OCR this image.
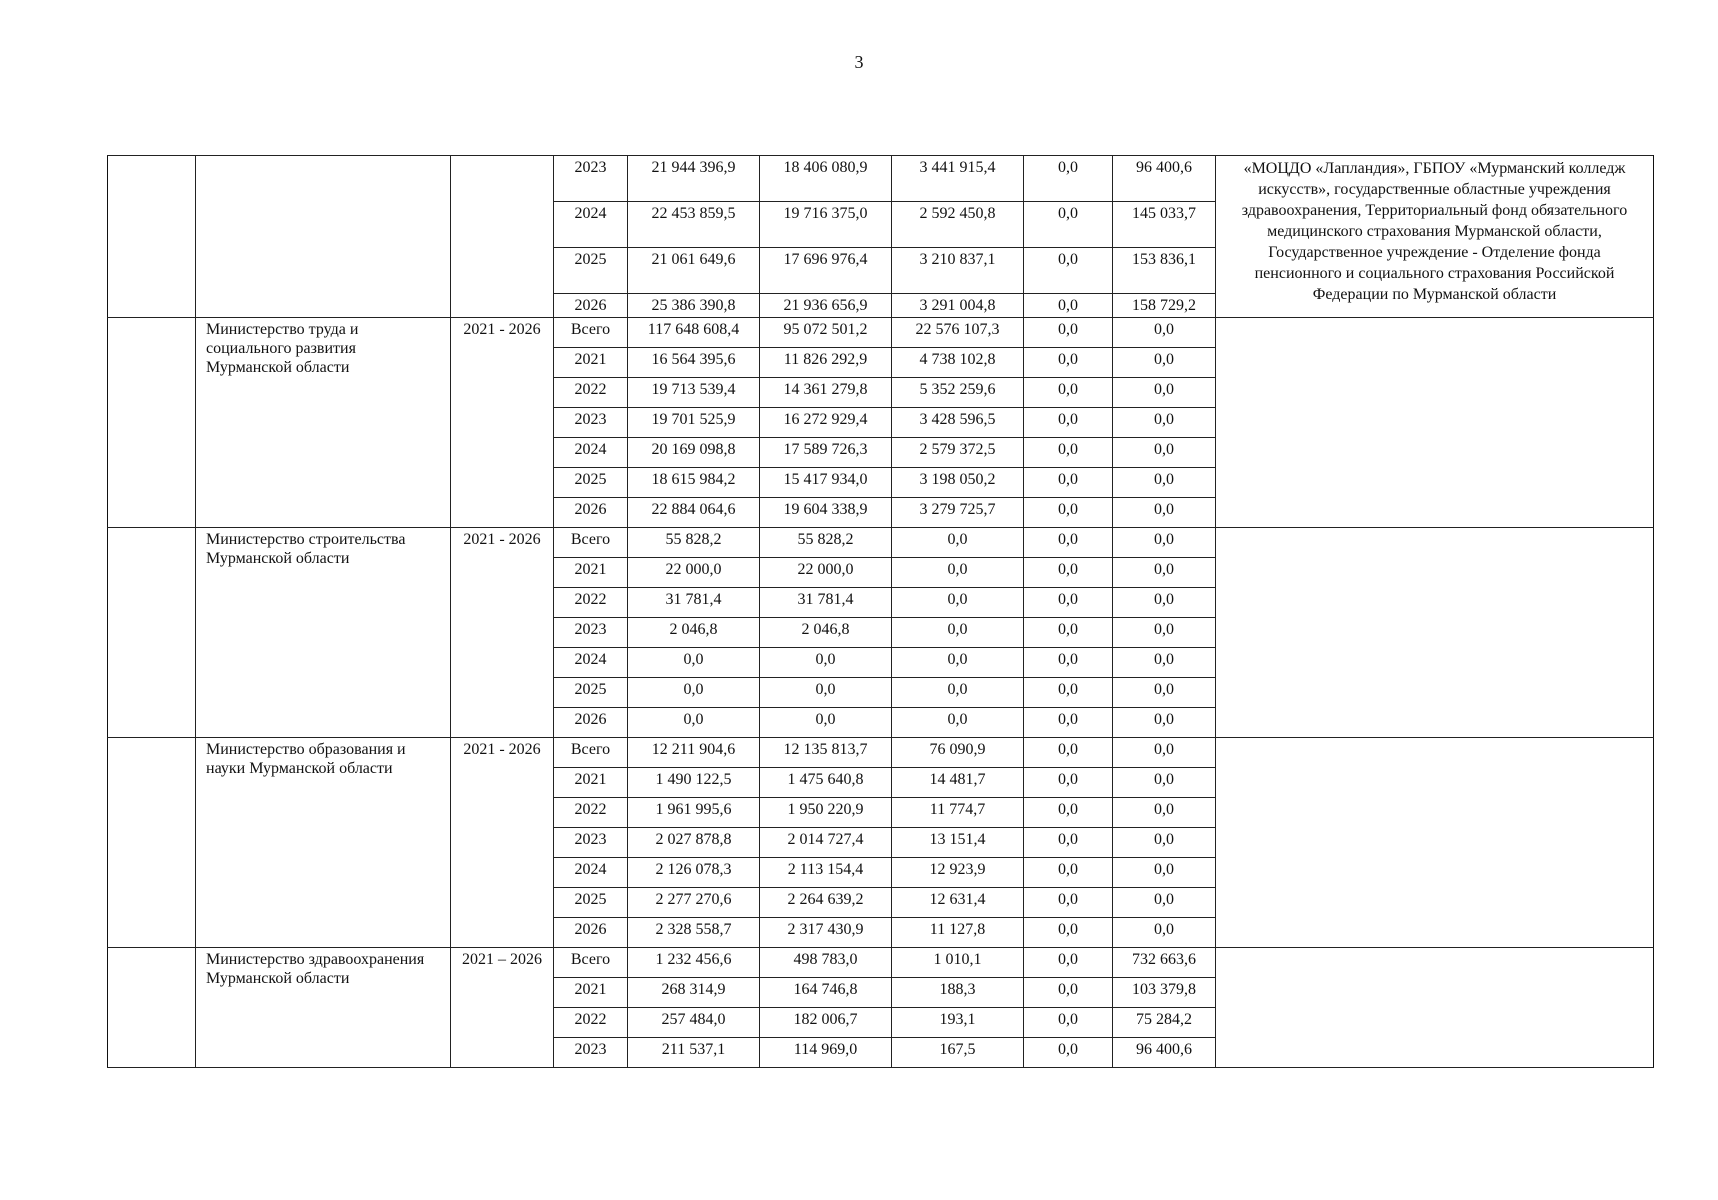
3
			2023	21 944 396,9	18 406 080,9	3 441 915,4	0,0	96 400,6	«МОЦДО «Лапландия», ГБПОУ «Мурманский колледж искусств», государственные областные учреждения здравоохранения, Территориальный фонд обязательного медицинского страхования Мурманской области, Государственное учреждение - Отделение фонда пенсионного и социального страхования Российской Федерации по Мурманской области
			2024	22 453 859,5	19 716 375,0	2 592 450,8	0,0	145 033,7	
			2025	21 061 649,6	17 696 976,4	3 210 837,1	0,0	153 836,1	
			2026	25 386 390,8	21 936 656,9	3 291 004,8	0,0	158 729,2	
	Министерство труда и социального развития Мурманской области	2021 - 2026	Всего	117 648 608,4	95 072 501,2	22 576 107,3	0,0	0,0	
			2021	16 564 395,6	11 826 292,9	4 738 102,8	0,0	0,0	
			2022	19 713 539,4	14 361 279,8	5 352 259,6	0,0	0,0	
			2023	19 701 525,9	16 272 929,4	3 428 596,5	0,0	0,0	
			2024	20 169 098,8	17 589 726,3	2 579 372,5	0,0	0,0	
			2025	18 615 984,2	15 417 934,0	3 198 050,2	0,0	0,0	
			2026	22 884 064,6	19 604 338,9	3 279 725,7	0,0	0,0	
	Министерство строительства Мурманской области	2021 - 2026	Всего	55 828,2	55 828,2	0,0	0,0	0,0	
			2021	22 000,0	22 000,0	0,0	0,0	0,0	
			2022	31 781,4	31 781,4	0,0	0,0	0,0	
			2023	2 046,8	2 046,8	0,0	0,0	0,0	
			2024	0,0	0,0	0,0	0,0	0,0	
			2025	0,0	0,0	0,0	0,0	0,0	
			2026	0,0	0,0	0,0	0,0	0,0	
	Министерство образования и науки Мурманской области	2021 - 2026	Всего	12 211 904,6	12 135 813,7	76 090,9	0,0	0,0	
			2021	1 490 122,5	1 475 640,8	14 481,7	0,0	0,0	
			2022	1 961 995,6	1 950 220,9	11 774,7	0,0	0,0	
			2023	2 027 878,8	2 014 727,4	13 151,4	0,0	0,0	
			2024	2 126 078,3	2 113 154,4	12 923,9	0,0	0,0	
			2025	2 277 270,6	2 264 639,2	12 631,4	0,0	0,0	
			2026	2 328 558,7	2 317 430,9	11 127,8	0,0	0,0	
	Министерство здравоохранения Мурманской области	2021 – 2026	Всего	1 232 456,6	498 783,0	1 010,1	0,0	732 663,6	
			2021	268 314,9	164 746,8	188,3	0,0	103 379,8	
			2022	257 484,0	182 006,7	193,1	0,0	75 284,2	
			2023	211 537,1	114 969,0	167,5	0,0	96 400,6	
